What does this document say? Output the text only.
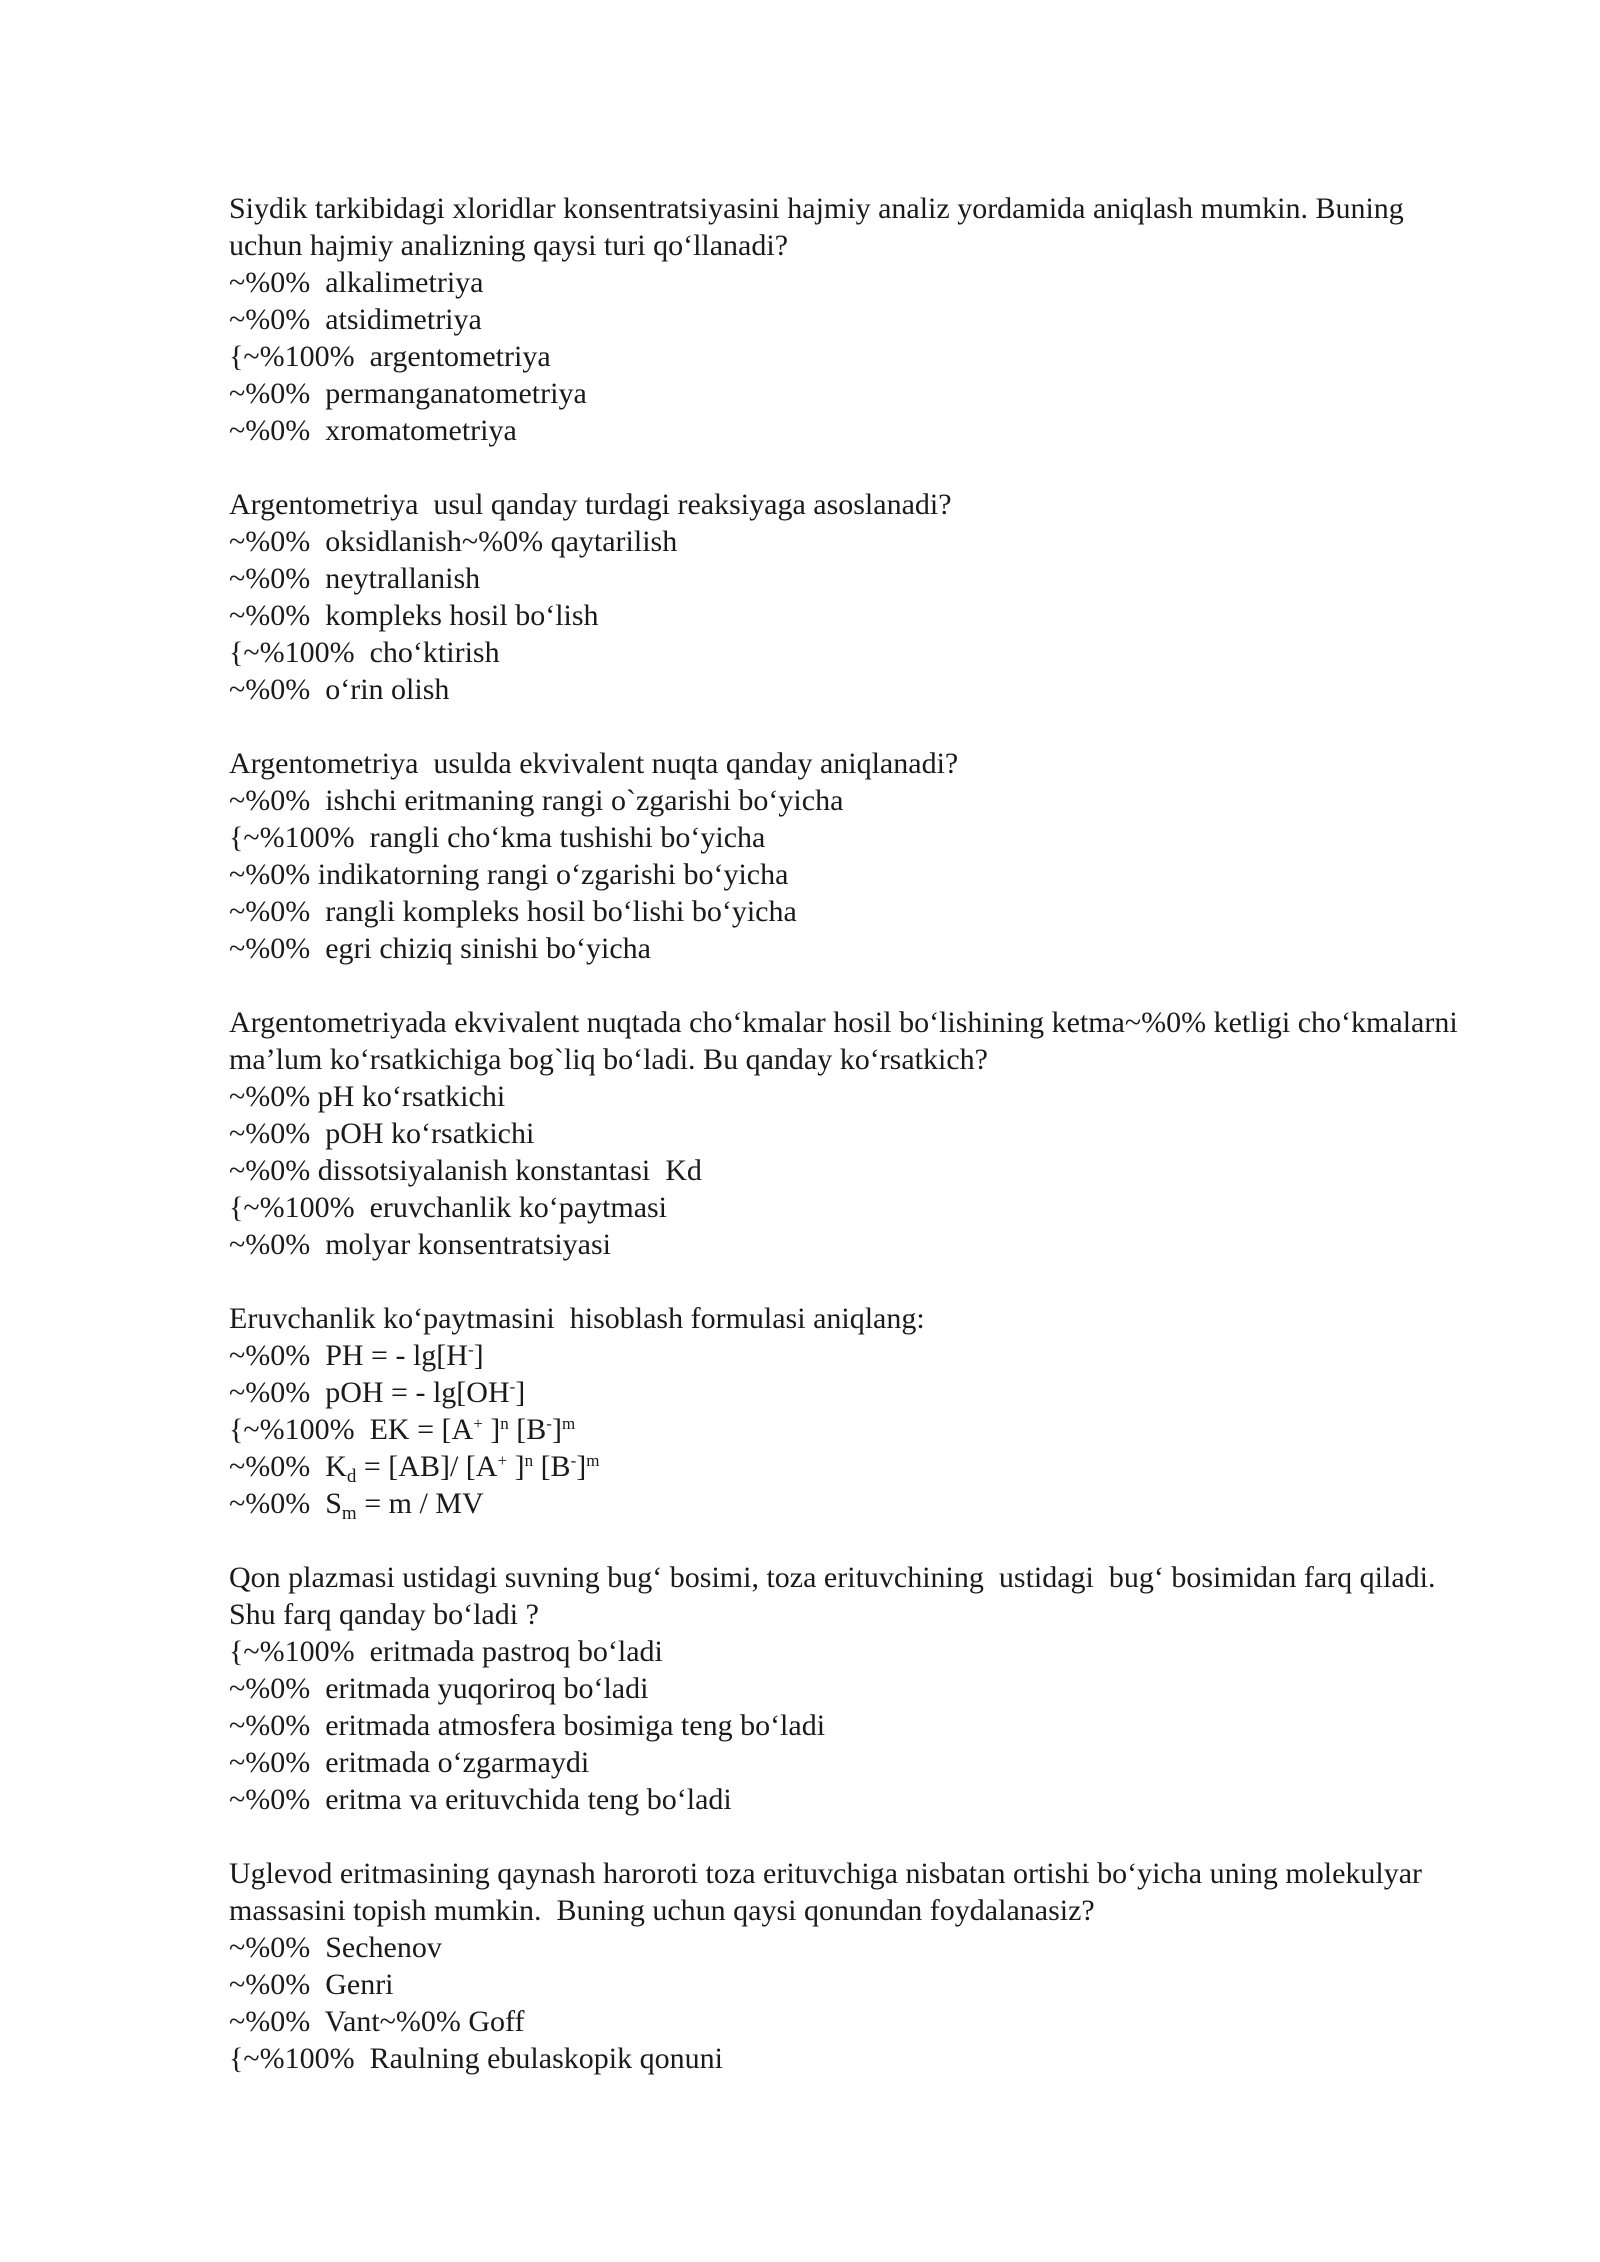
Siydik tarkibidagi xloridlar konsentratsiyasini hajmiy analiz yordamida aniqlash mumkin. Buning uchun hajmiy analizning qaysi turi qo‘llanadi?

~%0%  alkalimetriya

~%0%  atsidimetriya

{~%100%  argentometriya

~%0%  permanganatometriya

~%0%  xromatometriya

Argentometriya  usul qanday turdagi reaksiyaga asoslanadi?

~%0%  oksidlanish~%0% qaytarilish

~%0%  neytrallanish

~%0%  kompleks hosil bo‘lish

{~%100%  cho‘ktirish

~%0%  o‘rin olish

Argentometriya  usulda ekvivalent nuqta qanday aniqlanadi?

~%0%  ishchi eritmaning rangi o`zgarishi bo‘yicha

{~%100%  rangli cho‘kma tushishi bo‘yicha

~%0% indikatorning rangi o‘zgarishi bo‘yicha

~%0%  rangli kompleks hosil bo‘lishi bo‘yicha

~%0%  egri chiziq sinishi bo‘yicha

Argentometriyada ekvivalent nuqtada cho‘kmalar hosil bo‘lishining ketma~%0% ketligi cho‘kmalarni ma’lum ko‘rsatkichiga bog`liq bo‘ladi. Bu qanday ko‘rsatkich?

~%0% pH ko‘rsatkichi

~%0%  pOH ko‘rsatkichi

~%0% dissotsiyalanish konstantasi  Kd

{~%100%  eruvchanlik ko‘paytmasi

~%0%  molyar konsentratsiyasi

Eruvchanlik ko‘paytmasini  hisoblash formulasi aniqlang:

~%0%  PH = - lg[H-]

~%0%  pOH = - lg[OH-]

{~%100%  EK = [A+ ]$^n$ $[B^-]^m$

~%0%  $K_d = [AB]/$ [A+ ]$^n$ $[B^-]^m$

~%0%  $S_m = m$ / MV

Qon plazmasi ustidagi suvning bug‘ bosimi, toza erituvchining  ustidagi  bug‘ bosimidan farq qiladi. Shu farq qanday bo‘ladi ?

{~%100%  eritmada pastroq bo‘ladi

~%0%  eritmada yuqoriroq bo‘ladi

~%0%  eritmada atmosfera bosimiga teng bo‘ladi

~%0%  eritmada o‘zgarmaydi

~%0%  eritma va erituvchida teng bo‘ladi

Uglevod eritmasining qaynash haroroti toza erituvchiga nisbatan ortishi bo‘yicha uning molekulyar massasini topish mumkin.  Buning uchun qaysi qonundan foydalanasiz?

~%0%  Sechenov

~%0%  Genri

~%0%  Vant~%0% Goff

{~%100%  Raulning ebulaskopik qonuni
